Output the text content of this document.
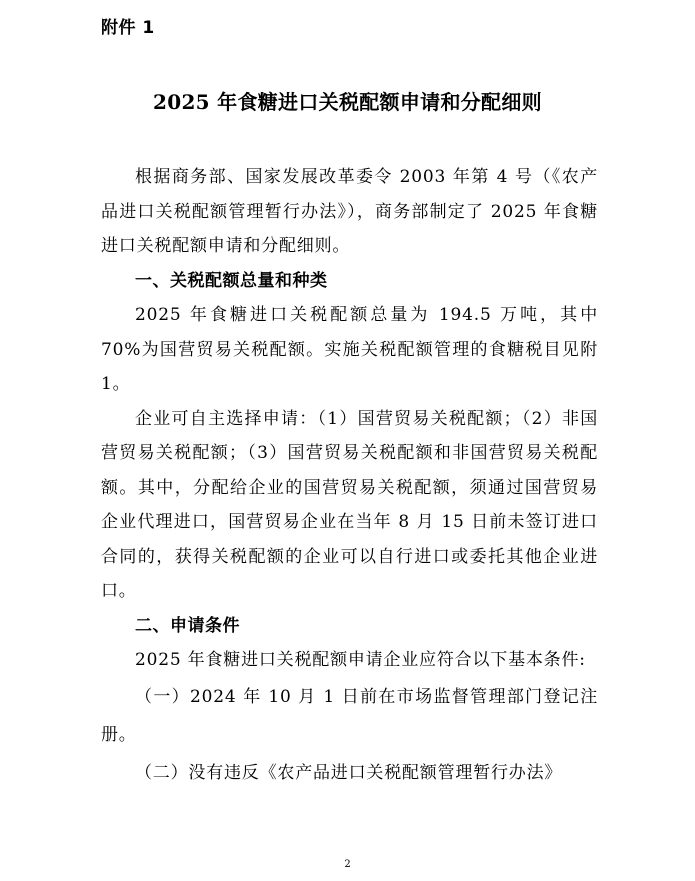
附件 1
2025 年食糖进口关税配额申请和分配细则

根据商务部、国家发展改革委令 2003 年第 4 号（《农产品进口关税配额管理暂行办法》），商务部制定了 2025 年食糖进口关税配额申请和分配细则。

一、关税配额总量和种类

2025 年食糖进口关税配额总量为 194.5 万吨，其中 70%为国营贸易关税配额。实施关税配额管理的食糖税目见附 1。

企业可自主选择申请：（1）国营贸易关税配额；（2）非国营贸易关税配额；（3）国营贸易关税配额和非国营贸易关税配额。其中，分配给企业的国营贸易关税配额，须通过国营贸易企业代理进口，国营贸易企业在当年 8 月 15 日前未签订进口合同的，获得关税配额的企业可以自行进口或委托其他企业进口。

二、申请条件

2025 年食糖进口关税配额申请企业应符合以下基本条件:

（一）2024 年 10 月 1 日前在市场监督管理部门登记注册。

（二）没有违反《农产品进口关税配额管理暂行办法》

2
